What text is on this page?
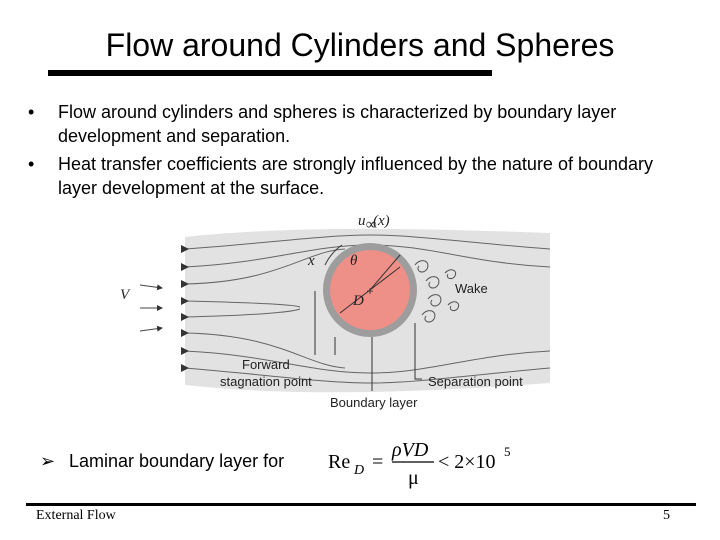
Flow around Cylinders and Spheres
• Flow around cylinders and spheres is characterized by boundary layer development and separation.
• Heat transfer coefficients are strongly influenced by the nature of boundary layer development at the surface.
V	+
x θ
D
u ∞
(x)
Wake
Forward
stagnation point	Separation point
Boundary layer
➢ Laminar boundary layer for Re D =
ρVD
μ
< 2×10 5
External Flow	5
